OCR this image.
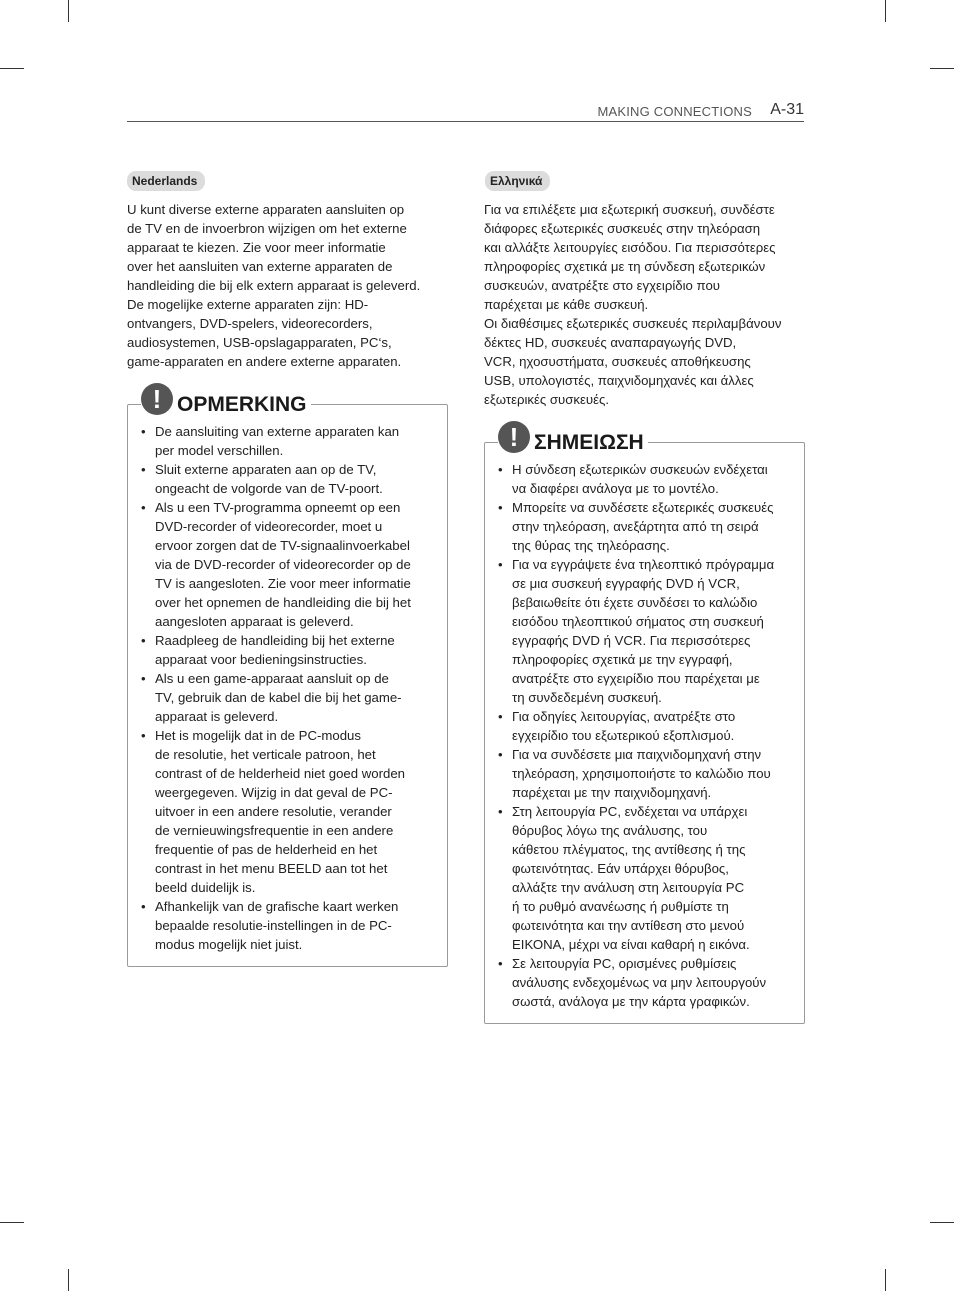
MAKING CONNECTIONS A-31
Nederlands
U kunt diverse externe apparaten aansluiten op
de TV en de invoerbron wijzigen om het externe
apparaat te kiezen. Zie voor meer informatie
over het aansluiten van externe apparaten de
handleiding die bij elk extern apparaat is geleverd.
De mogelijke externe apparaten zijn: HD-
ontvangers, DVD-spelers, videorecorders,
audiosystemen, USB-opslagapparaten, PC‘s,
game-apparaten en andere externe apparaten.
! OPMERKING
• De aansluiting van externe apparaten kan
per model verschillen.
• Sluit externe apparaten aan op de TV,
ongeacht de volgorde van de TV-poort.
• Als u een TV-programma opneemt op een
DVD-recorder of videorecorder, moet u
ervoor zorgen dat de TV-signaalinvoerkabel
via de DVD-recorder of videorecorder op de
TV is aangesloten. Zie voor meer informatie
over het opnemen de handleiding die bij het
aangesloten apparaat is geleverd.
• Raadpleeg de handleiding bij het externe
apparaat voor bedieningsinstructies.
• Als u een game-apparaat aansluit op de
TV, gebruik dan de kabel die bij het game-
apparaat is geleverd.
• Het is mogelijk dat in de PC-modus
de resolutie, het verticale patroon, het
contrast of de helderheid niet goed worden
weergegeven. Wijzig in dat geval de PC-
uitvoer in een andere resolutie, verander
de vernieuwingsfrequentie in een andere
frequentie of pas de helderheid en het
contrast in het menu BEELD aan tot het
beeld duidelijk is.
• Afhankelijk van de grafische kaart werken
bepaalde resolutie-instellingen in de PC-
modus mogelijk niet juist.
Ελληνικά
Για να επιλέξετε μια εξωτερική συσκευή, συνδέστε
διάφορες εξωτερικές συσκευές στην τηλεόραση
και αλλάξτε λειτουργίες εισόδου. Για περισσότερες
πληροφορίες σχετικά με τη σύνδεση εξωτερικών
συσκευών, ανατρέξτε στο εγχειρίδιο που
παρέχεται με κάθε συσκευή.
Οι διαθέσιμες εξωτερικές συσκευές περιλαμβάνουν
δέκτες HD, συσκευές αναπαραγωγής DVD,
VCR, ηχοσυστήματα, συσκευές αποθήκευσης
USB, υπολογιστές, παιχνιδομηχανές και άλλες
εξωτερικές συσκευές.
! ΣΗΜΕΙΩΣΗ
• Η σύνδεση εξωτερικών συσκευών ενδέχεται
να διαφέρει ανάλογα με το μοντέλο.
• Μπορείτε να συνδέσετε εξωτερικές συσκευές
στην τηλεόραση, ανεξάρτητα από τη σειρά
της θύρας της τηλεόρασης.
• Για να εγγράψετε ένα τηλεοπτικό πρόγραμμα
σε μια συσκευή εγγραφής DVD ή VCR,
βεβαιωθείτε ότι έχετε συνδέσει το καλώδιο
εισόδου τηλεοπτικού σήματος στη συσκευή
εγγραφής DVD ή VCR. Για περισσότερες
πληροφορίες σχετικά με την εγγραφή,
ανατρέξτε στο εγχειρίδιο που παρέχεται με
τη συνδεδεμένη συσκευή.
• Για οδηγίες λειτουργίας, ανατρέξτε στο
εγχειρίδιο του εξωτερικού εξοπλισμού.
• Για να συνδέσετε μια παιχνιδομηχανή στην
τηλεόραση, χρησιμοποιήστε το καλώδιο που
παρέχεται με την παιχνιδομηχανή.
• Στη λειτουργία PC, ενδέχεται να υπάρχει
θόρυβος λόγω της ανάλυσης, του
κάθετου πλέγματος, της αντίθεσης ή της
φωτεινότητας. Εάν υπάρχει θόρυβος,
αλλάξτε την ανάλυση στη λειτουργία PC
ή το ρυθμό ανανέωσης ή ρυθμίστε τη
φωτεινότητα και την αντίθεση στο μενού
ΕΙΚΟΝΑ, μέχρι να είναι καθαρή η εικόνα.
• Σε λειτουργία PC, ορισμένες ρυθμίσεις
ανάλυσης ενδεχομένως να μην λειτουργούν
σωστά, ανάλογα με την κάρτα γραφικών.
